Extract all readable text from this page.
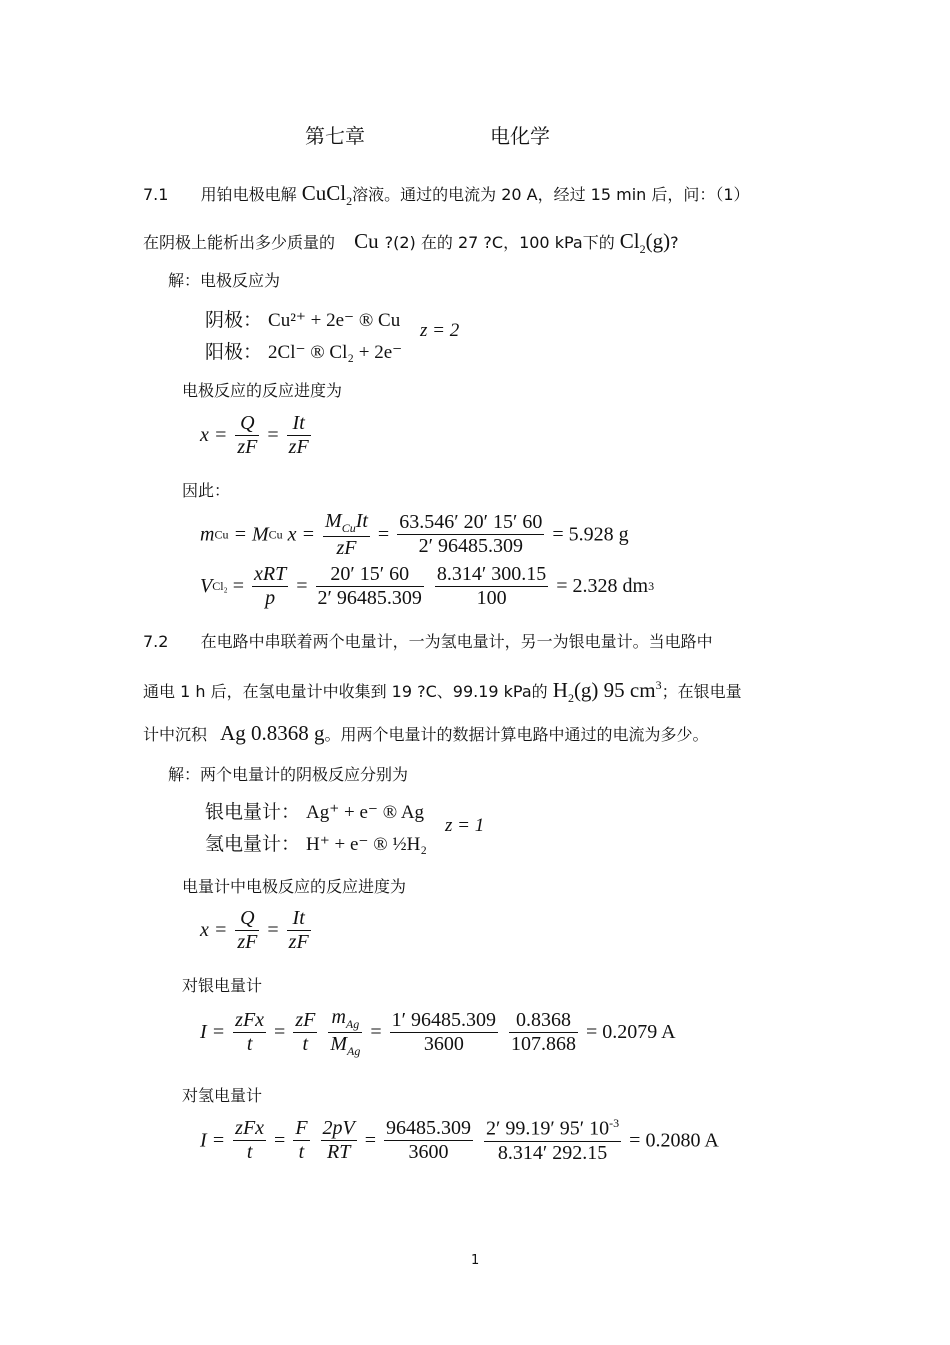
第七章	电化学
7.1 用铂电极电解 CuCl$_2$溶液。通过的电流为 20 A，经过 15 min 后，问：（1）
在阴极上能析出多少质量的 Cu ?(2) 在的 27 ?C，100 kPa下的 $Cl_2(g)$?
解：电极反应为
阴极： Cu²⁺ + 2e⁻ ® Cu
阳极： 2Cl⁻ ® Cl₂ + 2e⁻
z = 2
电极反应的反应进度为
$x = \frac{Q}{zF} = \frac{It}{zF}$
因此：
mCu = MCu $x = \frac{M_{Cu}It}{zF} = \frac{63.546' 20' 15' 60}{2' 96485.309} = 5.928$ g
$VCl_2 = \frac{\text{xRT}}{p} = \frac{20' 15' 60}{2' 96485.309}$
$\frac{8.314' 300.15}{100} = 2.328$ dm3
7.2 在电路中串联着两个电量计，一为氢电量计，另一为银电量计。当电路中
通电 1 h 后，在氢电量计中收集到 19 ?C、99.19 kPa的 $H_2(g)$ 95 $cm^3$；在银电量
计中沉积 Ag 0.8368 g。用两个电量计的数据计算电路中通过的电流为多少。
解：两个电量计的阴极反应分别为
银电量计： Ag⁺ + e⁻ ® Ag
氢电量计： H⁺ + e⁻ ® ½H₂
z = 1
电量计中电极反应的反应进度为
$x = \frac{Q}{zF} = \frac{It}{zF}$
对银电量计
$I = \frac{\text{zFx}}{t} = \frac{zF}{t}$
$\frac{m_{Ag}}{M_{Ag}} = \frac{1' 96485.309}{3600}$
$\frac{0.8368}{107.868} = 0.2079$ A
对氢电量计
$I = \frac{\text{zFx}}{t} = \frac{F}{t}$
$\frac{2pV}{RT} = \frac{96485.309}{3600}$
$\frac{2' 99.19' 95' 10^{-3}}{8.314' 292.15} = 0.2080$ A
1
